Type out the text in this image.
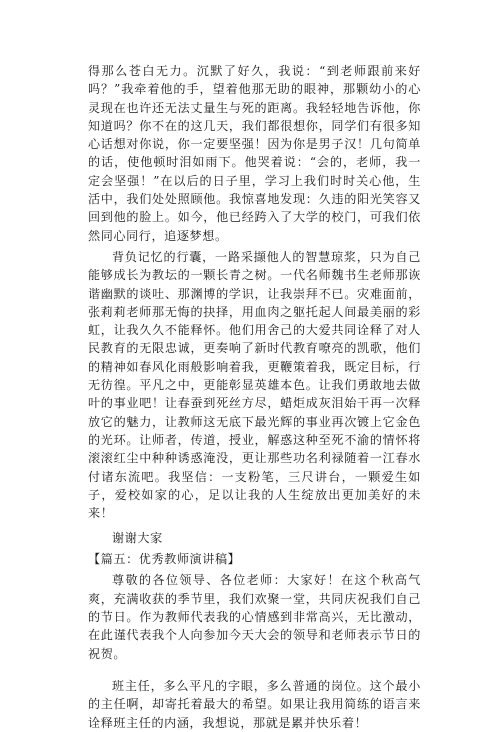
得那么苍白无力。沉默了好久，我说：“到老师跟前来好吗？”我牵着他的手，望着他那无助的眼神，那颗幼小的心灵现在也许还无法丈量生与死的距离。我轻轻地告诉他，你知道吗？你不在的这几天，我们都很想你，同学们有很多知心话想对你说，你一定要坚强！因为你是男子汉！几句简单的话，使他顿时泪如雨下。他哭着说：“会的，老师，我一定会坚强！”在以后的日子里，学习上我们时时关心他，生活中，我们处处照顾他。我惊喜地发现：久违的阳光笑容又回到他的脸上。如今，他已经跨入了大学的校门，可我们依然同心同行，追逐梦想。

背负记忆的行囊，一路采撷他人的智慧琼浆，只为自己能够成长为教坛的一颗长青之树。一代名师魏书生老师那诙谐幽默的谈吐、那渊博的学识，让我崇拜不已。灾难面前，张莉莉老师那无悔的抉择，用血肉之躯托起人间最美丽的彩虹，让我久久不能释怀。他们用舍己的大爱共同诠释了对人民教育的无限忠诚，更奏响了新时代教育嘹亮的凯歌，他们的精神如春风化雨般影响着我，更鞭策着我，既定目标，行无彷徨。平凡之中，更能彰显英雄本色。让我们勇敢地去做叶的事业吧！让春蚕到死丝方尽，蜡炬成灰泪始干再一次释放它的魅力，让教师这无底下最光辉的事业再次镀上它金色的光环。让师者，传道，授业，解惑这种至死不渝的情怀将滚滚红尘中种种诱惑淹没，更让那些功名利禄随着一江春水付诸东流吧。我坚信：一支粉笔，三尺讲台，一颗爱生如子，爱校如家的心，足以让我的人生绽放出更加美好的未来！

谢谢大家

【篇五：优秀教师演讲稿】

尊敬的各位领导、各位老师：大家好！在这个秋高气爽，充满收获的季节里，我们欢聚一堂，共同庆祝我们自己的节日。作为教师代表我的心情感到非常高兴，无比激动，在此谨代表我个人向参加今天大会的领导和老师表示节日的祝贺。

班主任，多么平凡的字眼，多么普通的岗位。这个最小的主任啊，却寄托着最大的希望。如果让我用简练的语言来诠释班主任的内涵，我想说，那就是累并快乐着！
